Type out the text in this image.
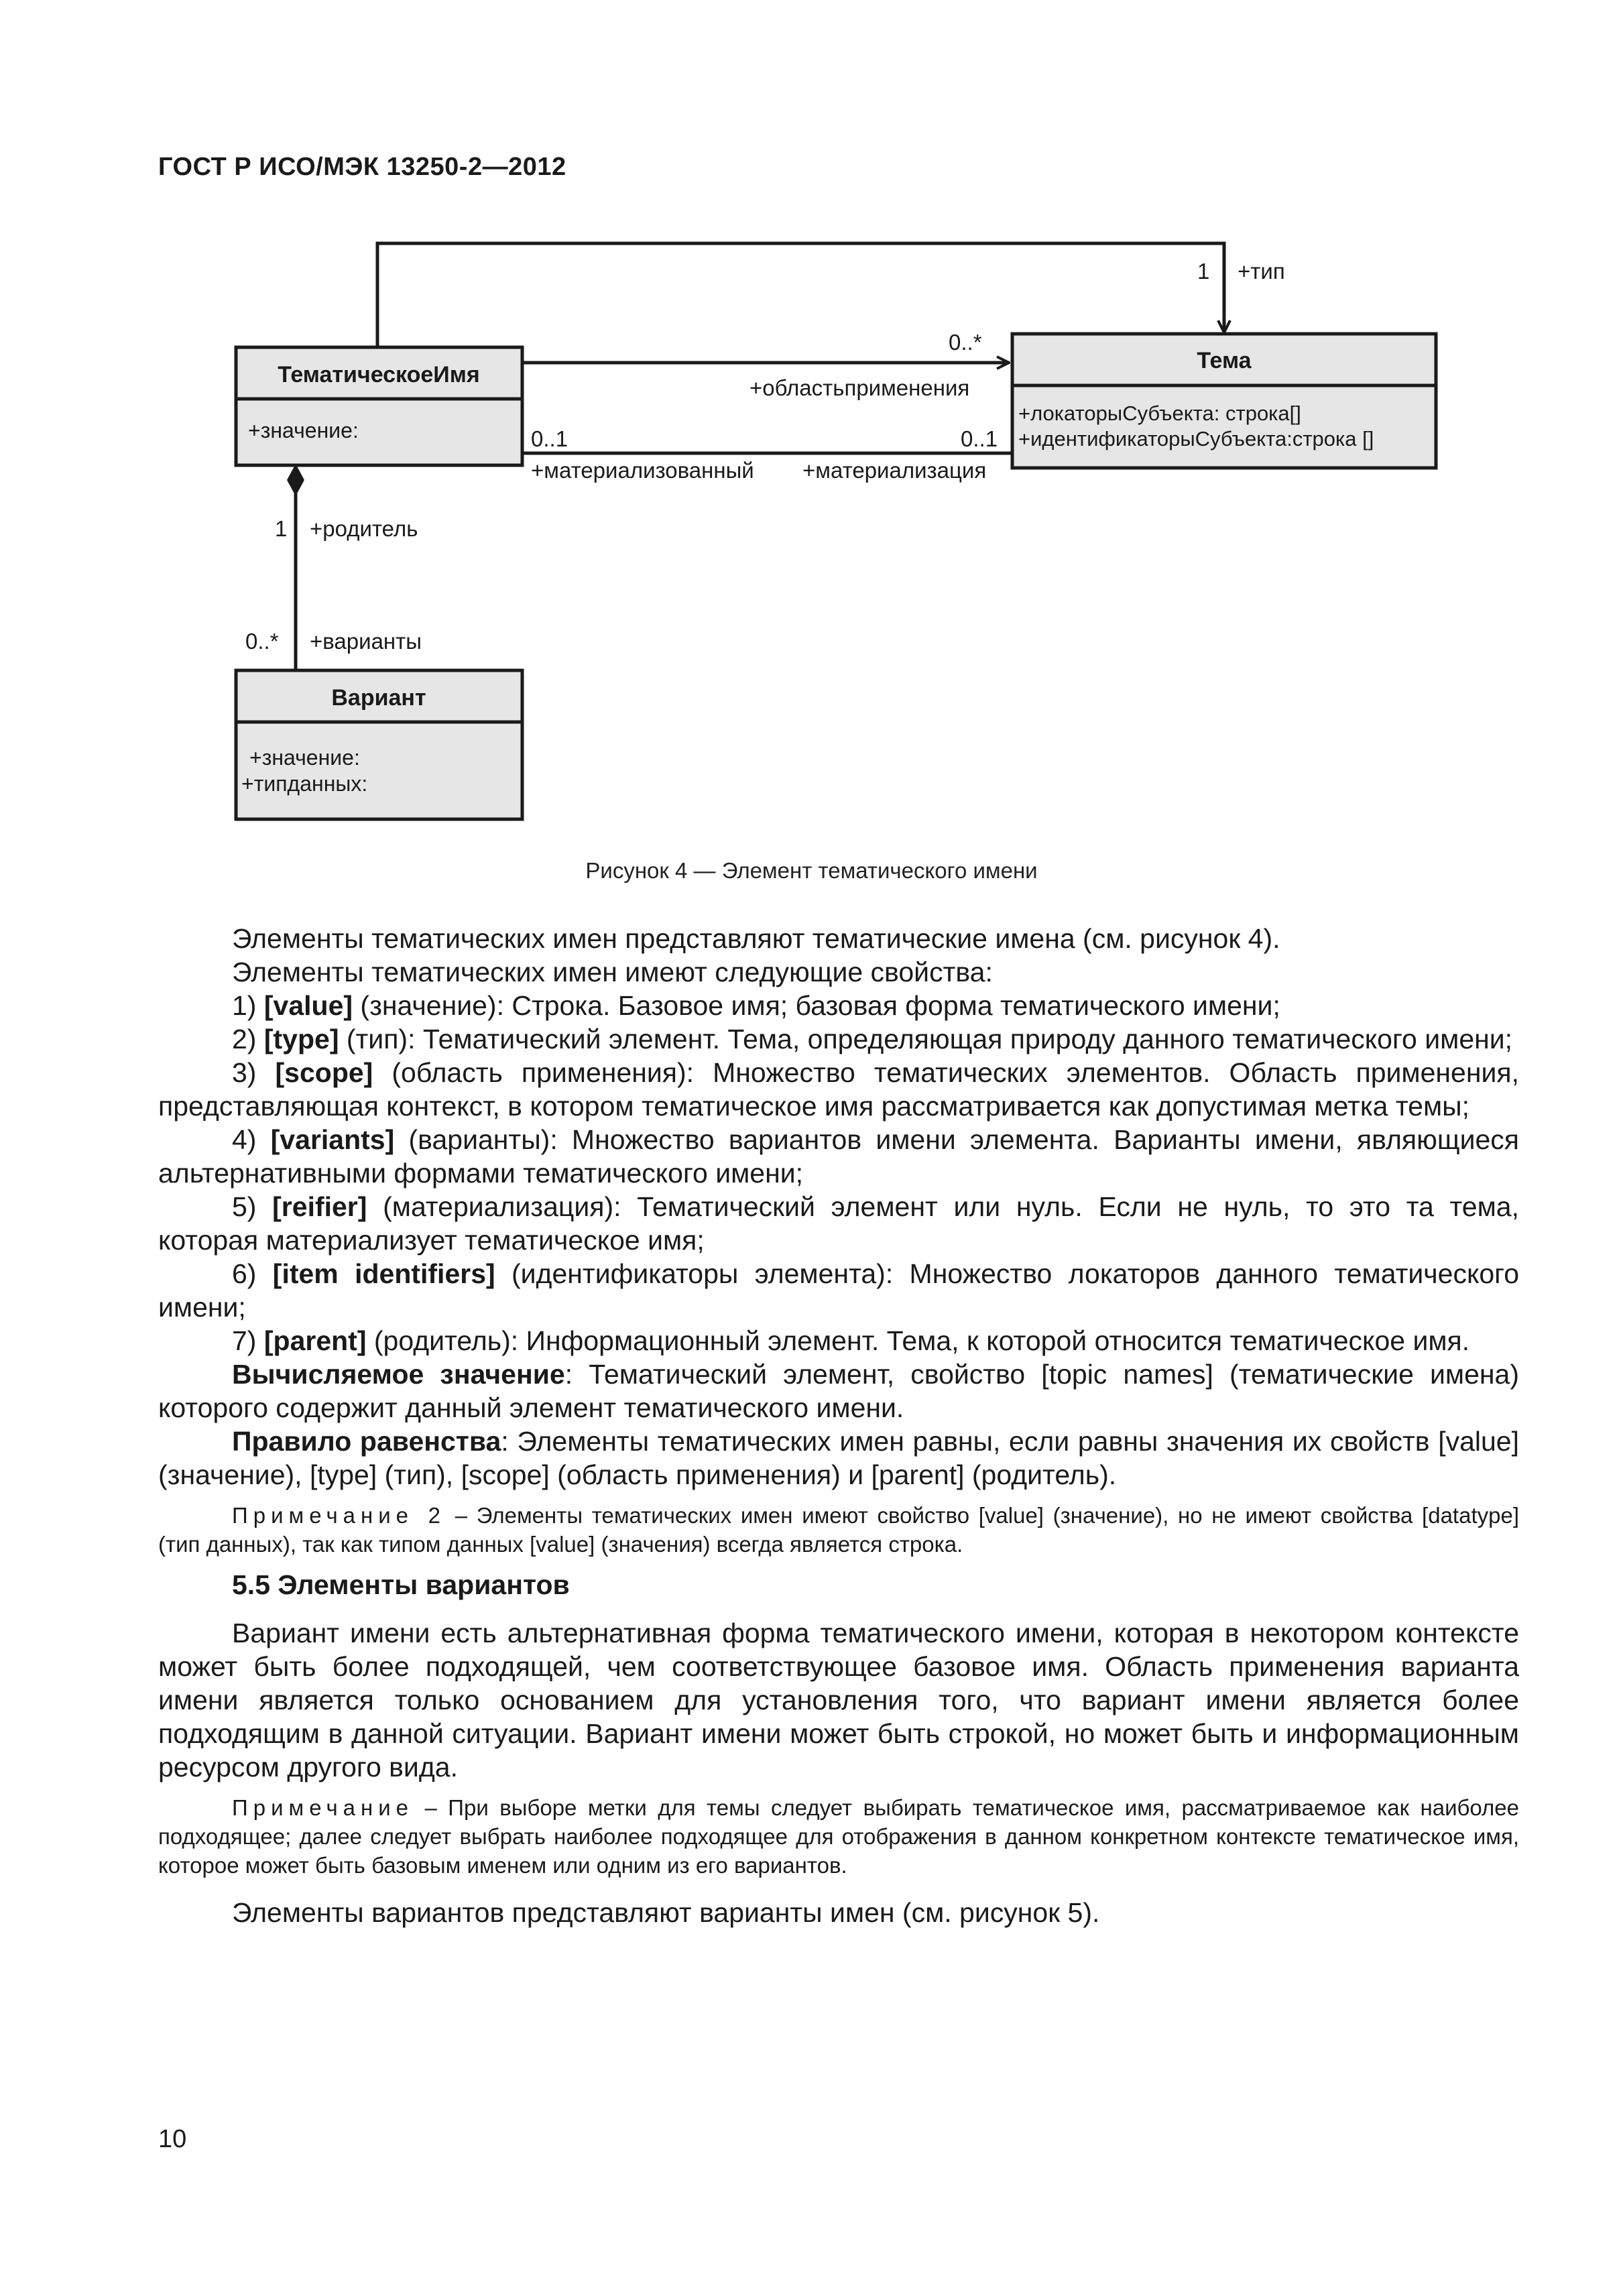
ГОСТ Р ИСО/МЭК 13250-2—2012
ТематическоеИмя
+значение:
Тема
+локаторыСубъекта: строка[]
+идентификаторыСубъекта:строка []
Вариант
+значение:
+типданных:
1 +тип
0..*
+областьприменения
0..1	0..1
+материализованный +материализация
1 +родитель
0..* +варианты
Рисунок 4 — Элемент тематического имени

Элементы тематических имен представляют тематические имена (см. рисунок 4).

Элементы тематических имен имеют следующие свойства:

1) [value] (значение): Строка. Базовое имя; базовая форма тематического имени;

2) [type] (тип): Тематический элемент. Тема, определяющая природу данного тематического имени;

3) [scope] (область применения): Множество тематических элементов. Область применения, представляющая контекст, в котором тематическое имя рассматривается как допустимая метка темы;

4) [variants] (варианты): Множество вариантов имени элемента. Варианты имени, являющиеся альтернативными формами тематического имени;

5) [reifier] (материализация): Тематический элемент или нуль. Если не нуль, то это та тема, которая материализует тематическое имя;

6) [item identifiers] (идентификаторы элемента): Множество локаторов данного тематического имени;

7) [parent] (родитель): Информационный элемент. Тема, к которой относится тематическое имя.

Вычисляемое значение: Тематический элемент, свойство [topic names] (тематические имена) которого содержит данный элемент тематического имени.

Правило равенства: Элементы тематических имен равны, если равны значения их свойств [value] (значение), [type] (тип), [scope] (область применения) и [parent] (родитель).

Примечание 2 – Элементы тематических имен имеют свойство [value] (значение), но не имеют свойства [datatype] (тип данных), так как типом данных [value] (значения) всегда является строка.

5.5 Элементы вариантов

Вариант имени есть альтернативная форма тематического имени, которая в некотором контексте может быть более подходящей, чем соответствующее базовое имя. Область применения варианта имени является только основанием для установления того, что вариант имени является более подходящим в данной ситуации. Вариант имени может быть строкой, но может быть и информационным ресурсом другого вида.

Примечание – При выборе метки для темы следует выбирать тематическое имя, рассматриваемое как наиболее подходящее; далее следует выбрать наиболее подходящее для отображения в данном конкретном контексте тематическое имя, которое может быть базовым именем или одним из его вариантов.

Элементы вариантов представляют варианты имен (см. рисунок 5).

10
